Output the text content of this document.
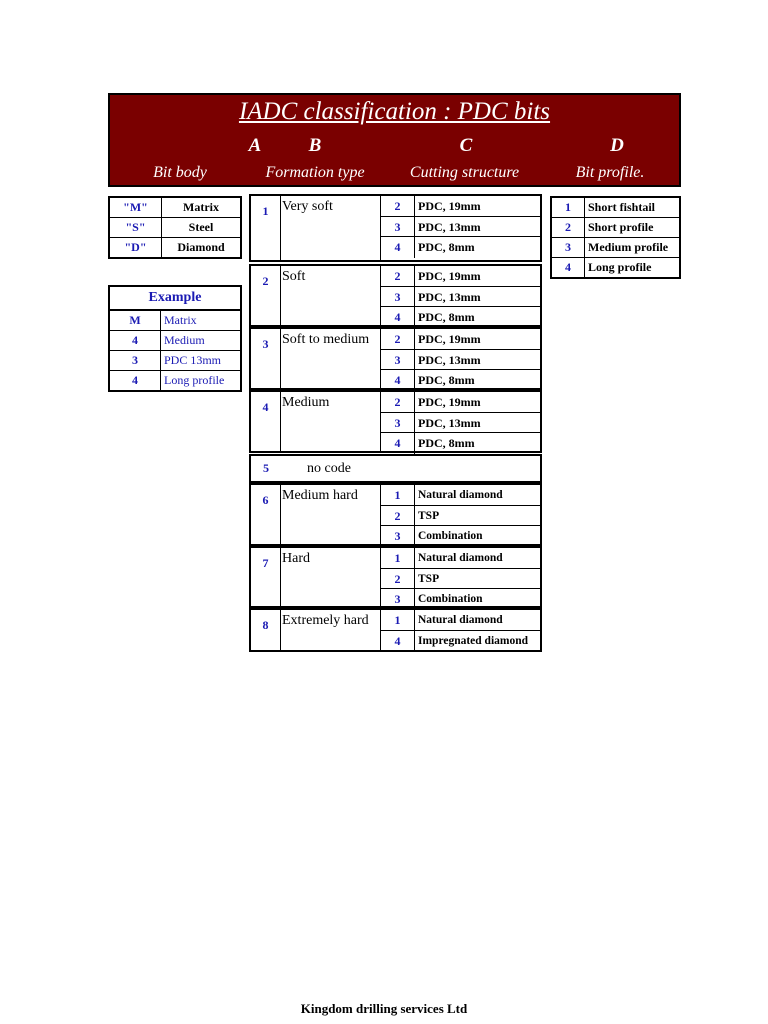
IADC classification : PDC bits
A	B	C	D
Bit body	Formation type	Cutting structure	Bit profile.
"M"	Matrix
"S"	Steel
"D"	Diamond
Example	
M	Matrix
4	Medium
3	PDC 13mm
4	Long profile
1	Short fishtail
2	Short profile
3	Medium profile
4	Long profile
1 Very soft	2	PDC, 19mm
3	PDC, 13mm
4	PDC, 8mm
2 Soft	2	PDC, 19mm
3	PDC, 13mm
4	PDC, 8mm
3 Soft to medium	2	PDC, 19mm
3	PDC, 13mm
4	PDC, 8mm
4 Medium	2	PDC, 19mm
3	PDC, 13mm
4	PDC, 8mm
5	no code
6 Medium hard	1	Natural diamond
2	TSP
3	Combination
7 Hard	1	Natural diamond
2	TSP
3	Combination
8 Extremely hard	1	Natural diamond
4	Impregnated diamond
Kingdom drilling services Ltd
